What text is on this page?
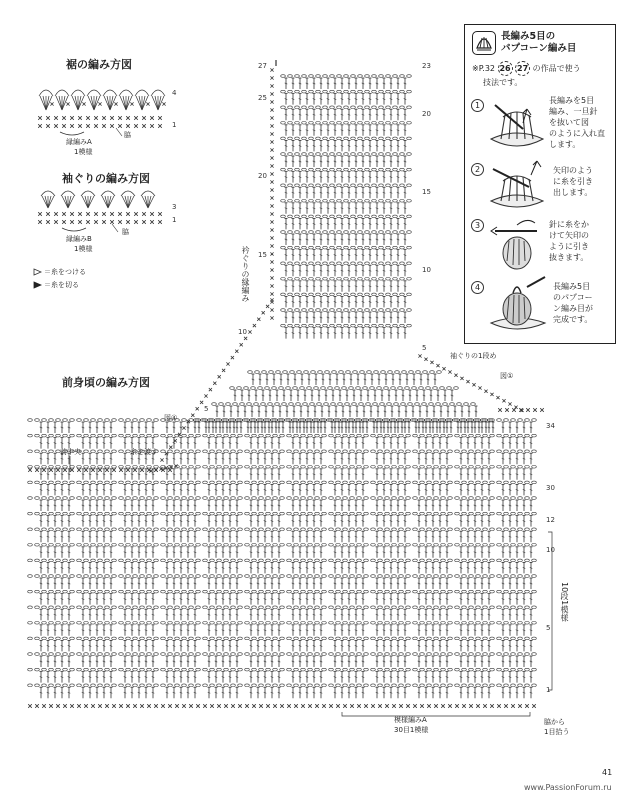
裾の編み方図
4
1
縁編みA
1模様
脇
袖ぐりの編み方図
3
1
縁編みB
1模様
脇
＝糸をつける
＝糸を切る
前身頃の編み方図
図④
前中央	糸を渡す
袖ぐりの1段め
図①
衿ぐりの縁編み
10段1模様
模様編みA
30目1模様
脇から
1目拾う
27
25
20
15
10
5
23
20
15
10
5
34
30
12
10
5
1
長編み5目の
パプコーン編み目
※P.32 26 27 の作品で使う
技法です。
1
長編みを5目
編み、一旦針
を抜いて図
のように入れ直
します。
2	矢印のよう
に糸を引き
出します。
3	針に糸をか
けて矢印の
ように引き
抜きます。
4	長編み5目
のパプコー
ン編み目が
完成です。
41
www.PassionForum.ru
